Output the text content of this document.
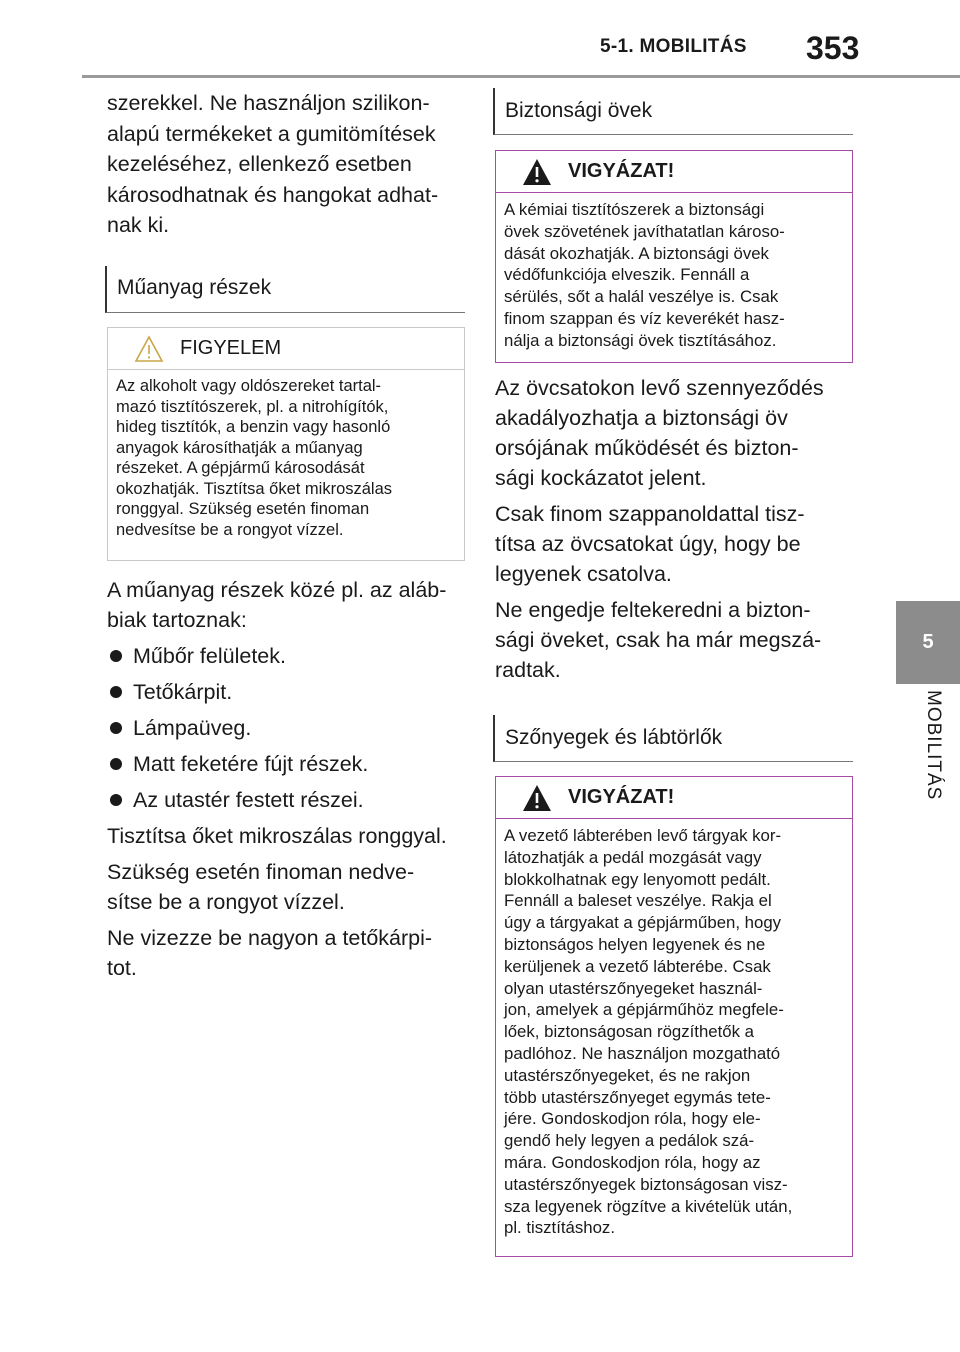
5-1. MOBILITÁS 353
5
MOBILITÁS
szerekkel. Ne használjon szilikon-
alapú termékeket a gumitömítések
kezeléséhez, ellenkező esetben
károsodhatnak és hangokat adhat-
nak ki.
Műanyag részek
FIGYELEM
Az alkoholt vagy oldószereket tartal-
mazó tisztítószerek, pl. a nitrohígítók,
hideg tisztítók, a benzin vagy hasonló
anyagok károsíthatják a műanyag
részeket. A gépjármű károsodását
okozhatják. Tisztítsa őket mikroszálas
ronggyal. Szükség esetén finoman
nedvesítse be a rongyot vízzel.
A műanyag részek közé pl. az aláb-
biak tartoznak:
Műbőr felületek.
Tetőkárpit.
Lámpaüveg.
Matt feketére fújt részek.
Az utastér festett részei.
Tisztítsa őket mikroszálas ronggyal.
Szükség esetén finoman nedve-
sítse be a rongyot vízzel.
Ne vizezze be nagyon a tetőkárpi-
tot.
Biztonsági övek
VIGYÁZAT!
A kémiai tisztítószerek a biztonsági
övek szövetének javíthatatlan károso-
dását okozhatják. A biztonsági övek
védőfunkciója elveszik. Fennáll a
sérülés, sőt a halál veszélye is. Csak
finom szappan és víz keverékét hasz-
nálja a biztonsági övek tisztításához.
Az övcsatokon levő szennyeződés
akadályozhatja a biztonsági öv
orsójának működését és bizton-
sági kockázatot jelent.
Csak finom szappanoldattal tisz-
títsa az övcsatokat úgy, hogy be
legyenek csatolva.
Ne engedje feltekeredni a bizton-
sági öveket, csak ha már megszá-
radtak.
Szőnyegek és lábtörlők
VIGYÁZAT!
A vezető lábterében levő tárgyak kor-
látozhatják a pedál mozgását vagy
blokkolhatnak egy lenyomott pedált.
Fennáll a baleset veszélye. Rakja el
úgy a tárgyakat a gépjárműben, hogy
biztonságos helyen legyenek és ne
kerüljenek a vezető lábterébe. Csak
olyan utastérszőnyegeket használ-
jon, amelyek a gépjárműhöz megfele-
lőek, biztonságosan rögzíthetők a
padlóhoz. Ne használjon mozgatható
utastérszőnyegeket, és ne rakjon
több utastérszőnyeget egymás tete-
jére. Gondoskodjon róla, hogy ele-
gendő hely legyen a pedálok szá-
mára. Gondoskodjon róla, hogy az
utastérszőnyegek biztonságosan visz-
sza legyenek rögzítve a kivételük után,
pl. tisztításhoz.
